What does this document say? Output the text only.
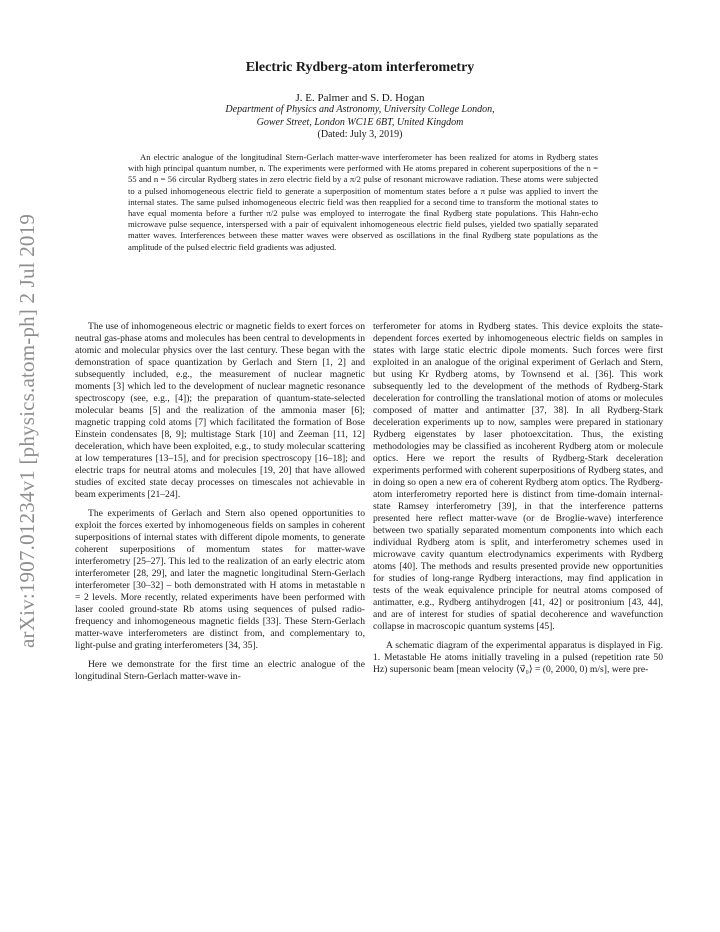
arXiv:1907.01234v1 [physics.atom-ph] 2 Jul 2019
Electric Rydberg-atom interferometry
J. E. Palmer and S. D. Hogan
Department of Physics and Astronomy, University College London,
Gower Street, London WC1E 6BT, United Kingdom
(Dated: July 3, 2019)
An electric analogue of the longitudinal Stern-Gerlach matter-wave interferometer has been realized for atoms in Rydberg states with high principal quantum number, n. The experiments were performed with He atoms prepared in coherent superpositions of the n = 55 and n = 56 circular Rydberg states in zero electric field by a π/2 pulse of resonant microwave radiation. These atoms were subjected to a pulsed inhomogeneous electric field to generate a superposition of momentum states before a π pulse was applied to invert the internal states. The same pulsed inhomogeneous electric field was then reapplied for a second time to transform the motional states to have equal momenta before a further π/2 pulse was employed to interrogate the final Rydberg state populations. This Hahn-echo microwave pulse sequence, interspersed with a pair of equivalent inhomogeneous electric field pulses, yielded two spatially separated matter waves. Interferences between these matter waves were observed as oscillations in the final Rydberg state populations as the amplitude of the pulsed electric field gradients was adjusted.

The use of inhomogeneous electric or magnetic fields to exert forces on neutral gas-phase atoms and molecules has been central to developments in atomic and molecular physics over the last century. These began with the demonstration of space quantization by Gerlach and Stern [1, 2] and subsequently included, e.g., the measurement of nuclear magnetic moments [3] which led to the development of nuclear magnetic resonance spectroscopy (see, e.g., [4]); the preparation of quantum-state-selected molecular beams [5] and the realization of the ammonia maser [6]; magnetic trapping cold atoms [7] which facilitated the formation of Bose Einstein condensates [8, 9]; multistage Stark [10] and Zeeman [11, 12] deceleration, which have been exploited, e.g., to study molecular scattering at low temperatures [13–15], and for precision spectroscopy [16–18]; and electric traps for neutral atoms and molecules [19, 20] that have allowed studies of excited state decay processes on timescales not achievable in beam experiments [21–24].

The experiments of Gerlach and Stern also opened opportunities to exploit the forces exerted by inhomogeneous fields on samples in coherent superpositions of internal states with different dipole moments, to generate coherent superpositions of momentum states for matter-wave interferometry [25–27]. This led to the realization of an early electric atom interferometer [28, 29], and later the magnetic longitudinal Stern-Gerlach interferometer [30–32] – both demonstrated with H atoms in metastable n = 2 levels. More recently, related experiments have been performed with laser cooled ground-state Rb atoms using sequences of pulsed radio-frequency and inhomogeneous magnetic fields [33]. These Stern-Gerlach matter-wave interferometers are distinct from, and complementary to, light-pulse and grating interferometers [34, 35].

Here we demonstrate for the first time an electric analogue of the longitudinal Stern-Gerlach matter-wave in-

terferometer for atoms in Rydberg states. This device exploits the state-dependent forces exerted by inhomogeneous electric fields on samples in states with large static electric dipole moments. Such forces were first exploited in an analogue of the original experiment of Gerlach and Stern, but using Kr Rydberg atoms, by Townsend et al. [36]. This work subsequently led to the development of the methods of Rydberg-Stark deceleration for controlling the translational motion of atoms or molecules composed of matter and antimatter [37, 38]. In all Rydberg-Stark deceleration experiments up to now, samples were prepared in stationary Rydberg eigenstates by laser photoexcitation. Thus, the existing methodologies may be classified as incoherent Rydberg atom or molecule optics. Here we report the results of Rydberg-Stark deceleration experiments performed with coherent superpositions of Rydberg states, and in doing so open a new era of coherent Rydberg atom optics. The Rydberg-atom interferometry reported here is distinct from time-domain internal-state Ramsey interferometry [39], in that the interference patterns presented here reflect matter-wave (or de Broglie-wave) interference between two spatially separated momentum components into which each individual Rydberg atom is split, and interferometry schemes used in microwave cavity quantum electrodynamics experiments with Rydberg atoms [40]. The methods and results presented provide new opportunities for studies of long-range Rydberg interactions, may find application in tests of the weak equivalence principle for neutral atoms composed of antimatter, e.g., Rydberg antihydrogen [41, 42] or positronium [43, 44], and are of interest for studies of spatial decoherence and wavefunction collapse in macroscopic quantum systems [45].

A schematic diagram of the experimental apparatus is displayed in Fig. 1. Metastable He atoms initially traveling in a pulsed (repetition rate 50 Hz) supersonic beam [mean velocity ⟨v⃗₀⟩ = (0, 2000, 0) m/s], were pre-
